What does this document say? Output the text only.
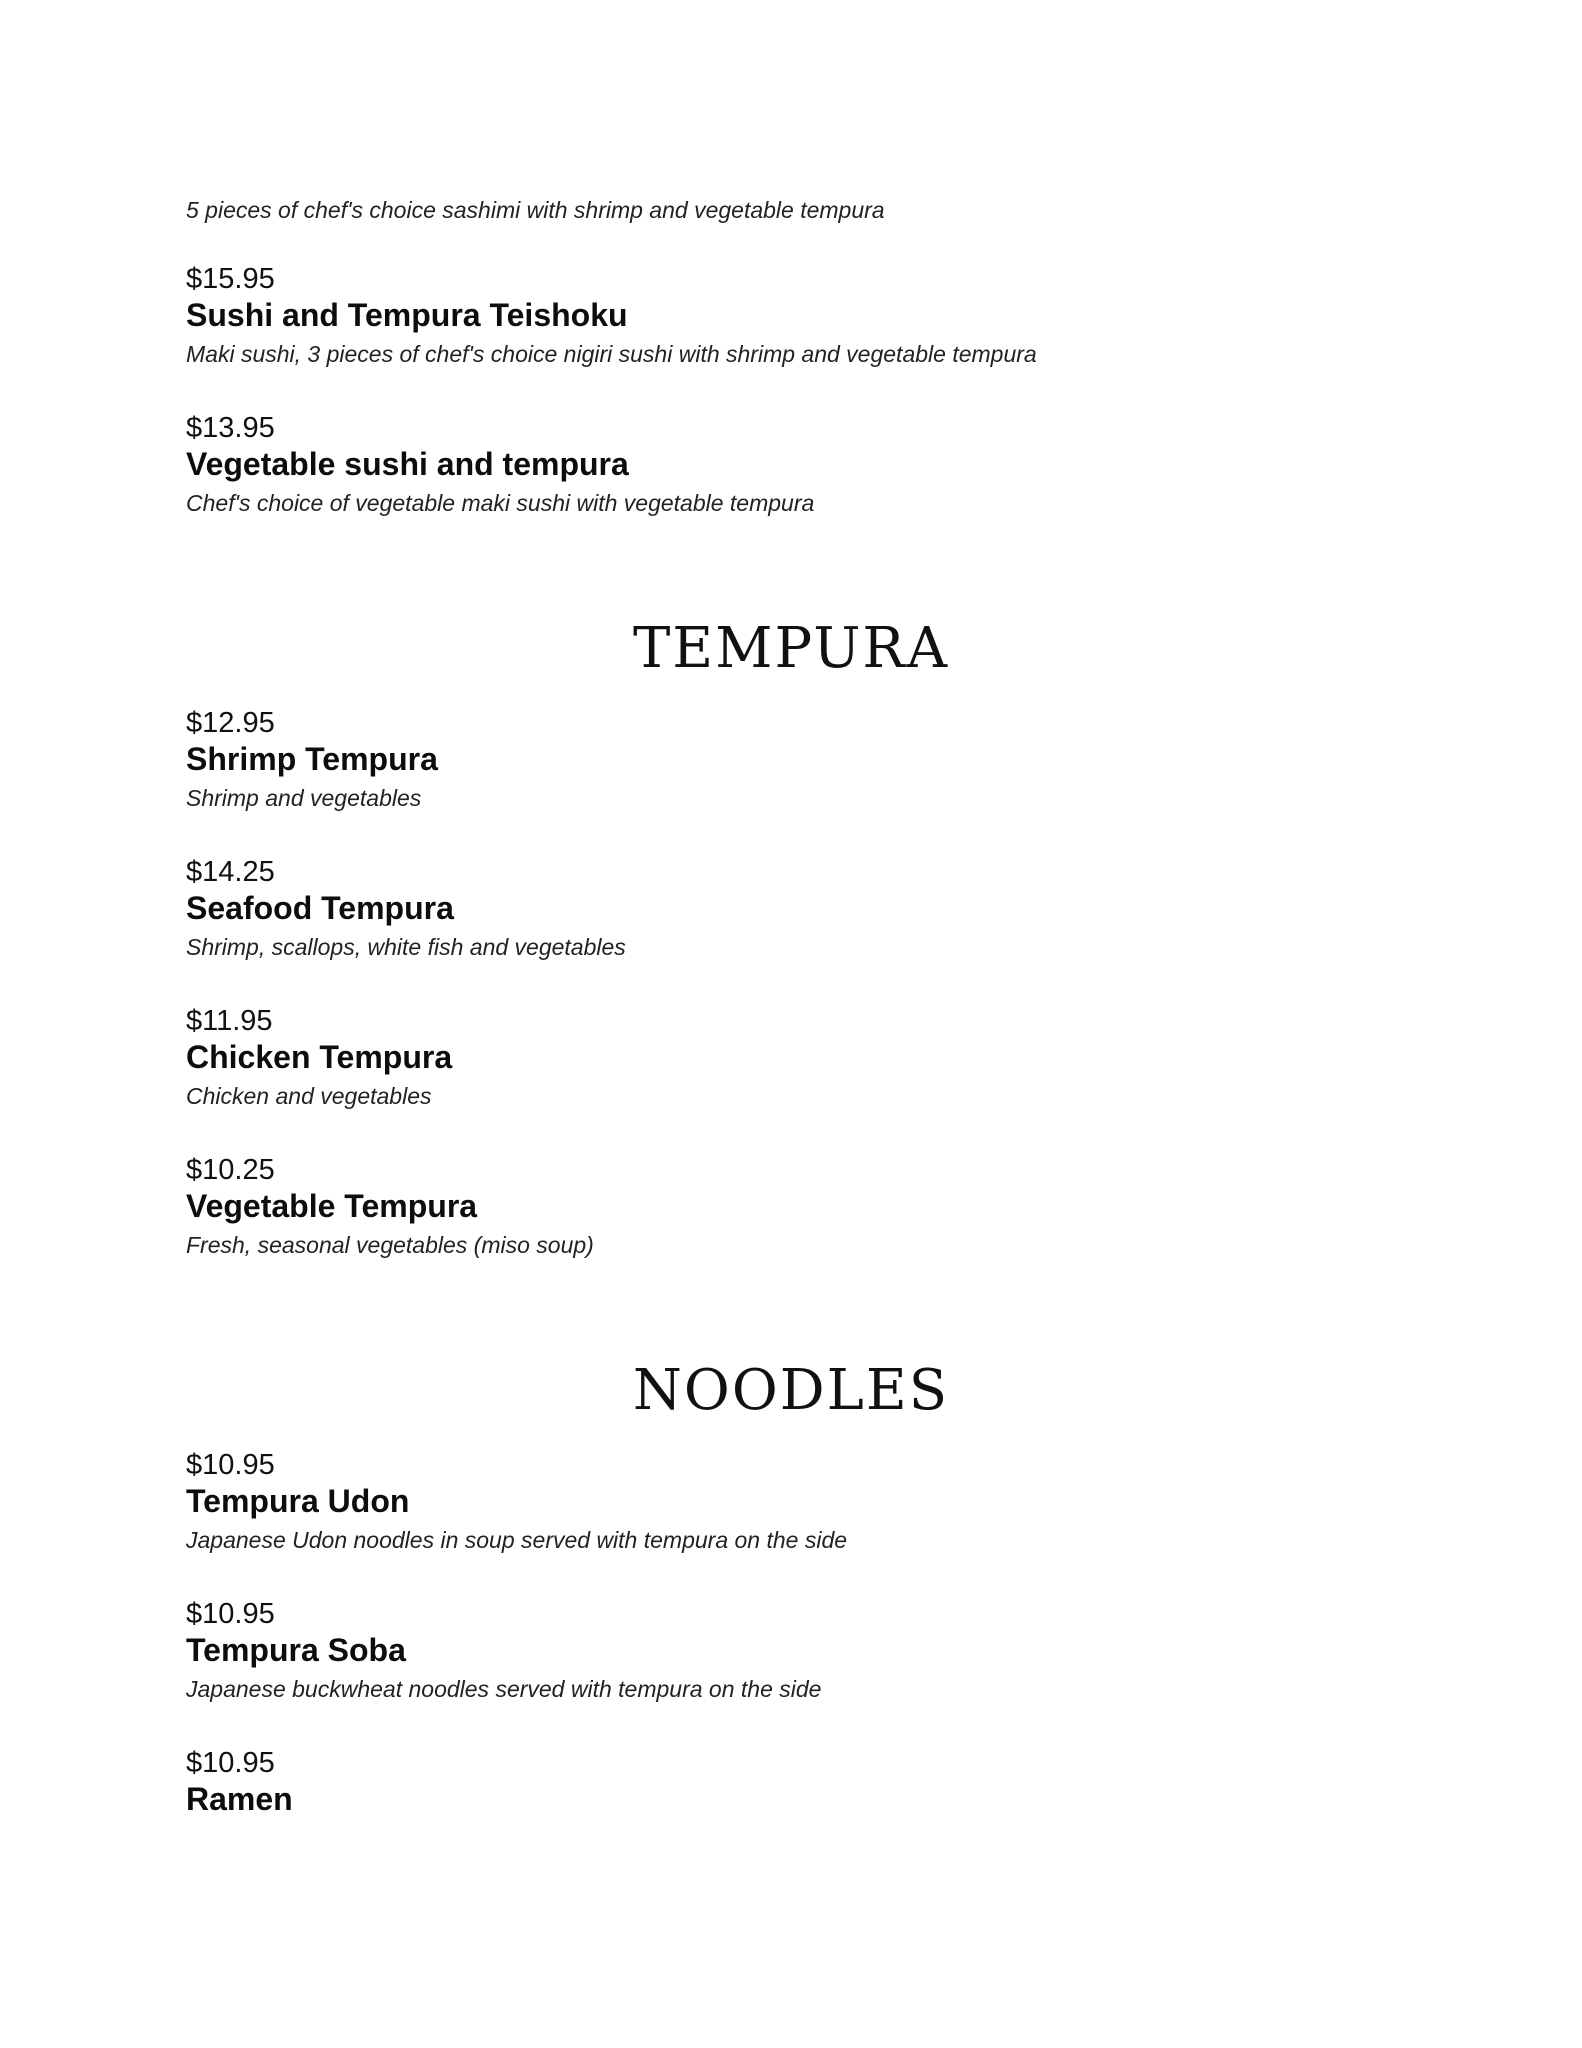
5 pieces of chef's choice sashimi with shrimp and vegetable tempura
$15.95
Sushi and Tempura Teishoku
Maki sushi, 3 pieces of chef's choice nigiri sushi with shrimp and vegetable tempura
$13.95
Vegetable sushi and tempura
Chef's choice of vegetable maki sushi with vegetable tempura
TEMPURA
$12.95
Shrimp Tempura
Shrimp and vegetables
$14.25
Seafood Tempura
Shrimp, scallops, white fish and vegetables
$11.95
Chicken Tempura
Chicken and vegetables
$10.25
Vegetable Tempura
Fresh, seasonal vegetables (miso soup)
NOODLES
$10.95
Tempura Udon
Japanese Udon noodles in soup served with tempura on the side
$10.95
Tempura Soba
Japanese buckwheat noodles served with tempura on the side
$10.95
Ramen
